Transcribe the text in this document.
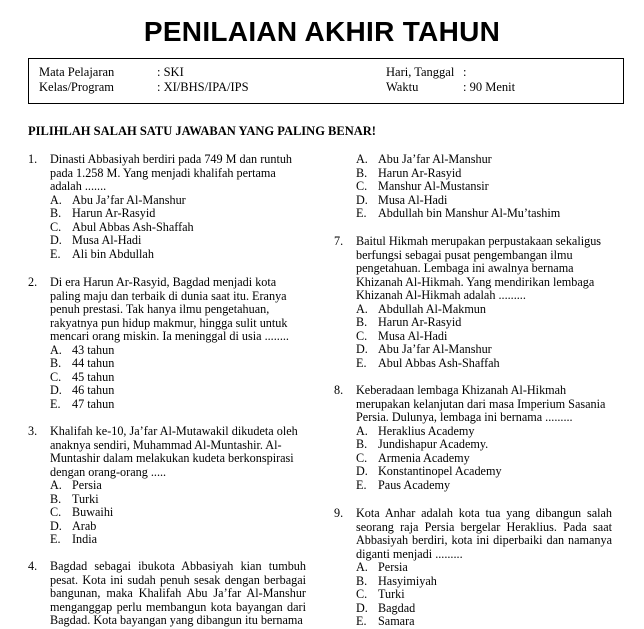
PENILAIAN AKHIR TAHUN
Mata Pelajaran	: SKI
Kelas/Program	: XI/BHS/IPA/IPS
Hari, Tanggal :
Waktu	: 90 Menit
PILIHLAH SALAH SATU JAWABAN YANG PALING BENAR!
1. Dinasti Abbasiyah berdiri pada 749 M dan runtuh pada 1.258 M. Yang menjadi khalifah pertama adalah .......
A. Abu Ja’far Al-Manshur
B. Harun Ar-Rasyid
C. Abul Abbas Ash-Shaffah
D. Musa Al-Hadi
E. Ali bin Abdullah
2. Di era Harun Ar-Rasyid, Bagdad menjadi kota paling maju dan terbaik di dunia saat itu. Eranya penuh prestasi. Tak hanya ilmu pengetahuan, rakyatnya pun hidup makmur, hingga sulit untuk mencari orang miskin. Ia meninggal di usia ........
A. 43 tahun
B. 44 tahun
C. 45 tahun
D. 46 tahun
E. 47 tahun
3. Khalifah ke-10, Ja’far Al-Mutawakil dikudeta oleh anaknya sendiri, Muhammad Al-Muntashir. Al-Muntashir dalam melakukan kudeta berkonspirasi dengan orang-orang .....
A. Persia
B. Turki
C. Buwaihi
D. Arab
E. India
4. Bagdad sebagai ibukota Abbasiyah kian tumbuh pesat. Kota ini sudah penuh sesak dengan berbagai bangunan, maka Khalifah Abu Ja’far Al-Manshur menganggap perlu membangun kota bayangan dari Bagdad. Kota bayangan yang dibangun itu bernama
A. Abu Ja’far Al-Manshur
B. Harun Ar-Rasyid
C. Manshur Al-Mustansir
D. Musa Al-Hadi
E. Abdullah bin Manshur Al-Mu’tashim
7. Baitul Hikmah merupakan perpustakaan sekaligus berfungsi sebagai pusat pengembangan ilmu pengetahuan. Lembaga ini awalnya bernama Khizanah Al-Hikmah. Yang mendirikan lembaga Khizanah Al-Hikmah adalah .........
A. Abdullah Al-Makmun
B. Harun Ar-Rasyid
C. Musa Al-Hadi
D. Abu Ja’far Al-Manshur
E. Abul Abbas Ash-Shaffah
8. Keberadaan lembaga Khizanah Al-Hikmah merupakan kelanjutan dari masa Imperium Sasania Persia. Dulunya, lembaga ini bernama .........
A. Heraklius Academy
B. Jundishapur Academy.
C. Armenia Academy
D. Konstantinopel Academy
E. Paus Academy
9. Kota Anhar adalah kota tua yang dibangun salah seorang raja Persia bergelar Heraklius. Pada saat Abbasiyah berdiri, kota ini diperbaiki dan namanya diganti menjadi .........
A. Persia
B. Hasyimiyah
C. Turki
D. Bagdad
E. Samara
